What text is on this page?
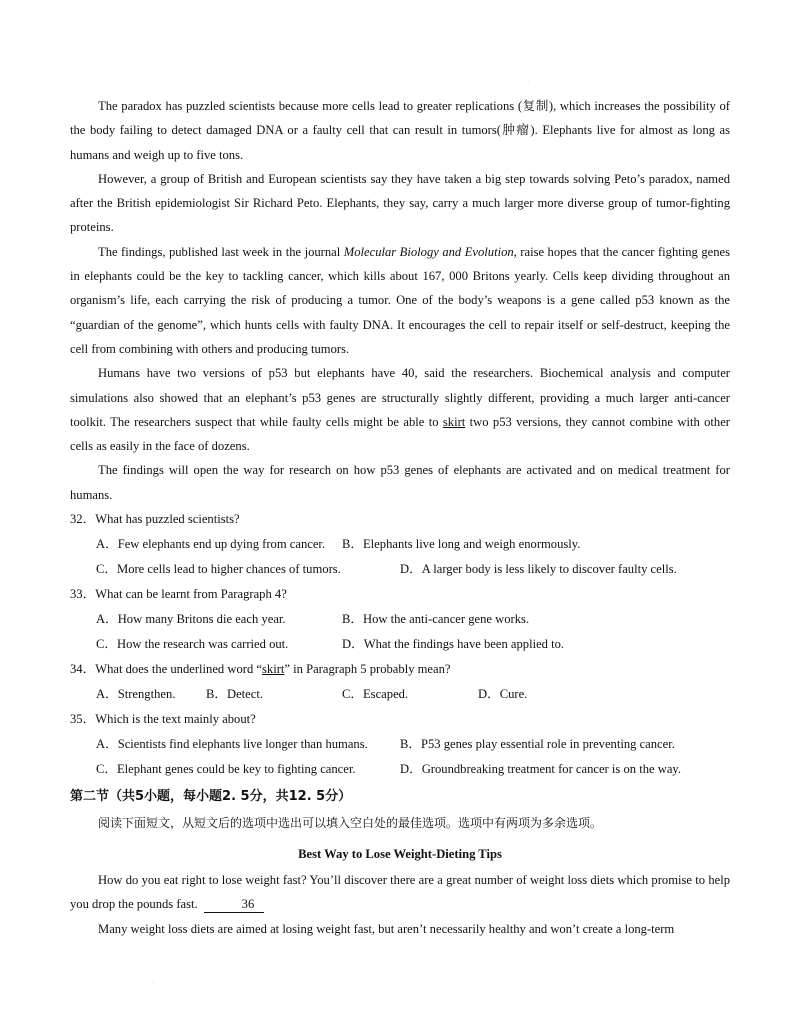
·
·

The paradox has puzzled scientists because more cells lead to greater replications (复制), which increases the possibility of the body failing to detect damaged DNA or a faulty cell that can result in tumors(肿瘤). Elephants live for almost as long as humans and weigh up to five tons.

However, a group of British and European scientists say they have taken a big step towards solving Peto’s paradox, named after the British epidemiologist Sir Richard Peto. Elephants, they say, carry a much larger more diverse group of tumor-fighting proteins.

The findings, published last week in the journal Molecular Biology and Evolution, raise hopes that the cancer fighting genes in elephants could be the key to tackling cancer, which kills about 167, 000 Britons yearly. Cells keep dividing throughout an organism’s life, each carrying the risk of producing a tumor. One of the body’s weapons is a gene called p53 known as the “guardian of the genome”, which hunts cells with faulty DNA. It encourages the cell to repair itself or self-destruct, keeping the cell from combining with others and producing tumors.

Humans have two versions of p53 but elephants have 40, said the researchers. Biochemical analysis and computer simulations also showed that an elephant’s p53 genes are structurally slightly different, providing a much larger anti-cancer toolkit. The researchers suspect that while faulty cells might be able to skirt two p53 versions, they cannot combine with other cells as easily in the face of dozens.

The findings will open the way for research on how p53 genes of elephants are activated and on medical treatment for humans.

32．What has puzzled scientists?

A．Few elephants end up dying from cancer. B．Elephants live long and weigh enormously.

C．More cells lead to higher chances of tumors.	D．A larger body is less likely to discover faulty cells.

33．What can be learnt from Paragraph 4?

A．How many Britons die each year.	B．How the anti-cancer gene works.

C．How the research was carried out.	D．What the findings have been applied to.

34．What does the underlined word “skirt” in Paragraph 5 probably mean?

A．Strengthen. B．Detect.	C．Escaped.	D．Cure.

35．Which is the text mainly about?

A．Scientists find elephants live longer than humans.	B．P53 genes play essential role in preventing cancer.

C．Elephant genes could be key to fighting cancer.	D．Groundbreaking treatment for cancer is on the way.

第二节（共5小题，每小题2. 5分，共12. 5分）

阅读下面短文，从短文后的选项中选出可以填入空白处的最佳选项。选项中有两项为多余选项。

Best Way to Lose Weight-Dieting Tips

How do you eat right to lose weight fast? You’ll discover there are a great number of weight loss diets which promise to help you drop the pounds fast.	36

Many weight loss diets are aimed at losing weight fast, but aren’t necessarily healthy and won’t create a long-term
